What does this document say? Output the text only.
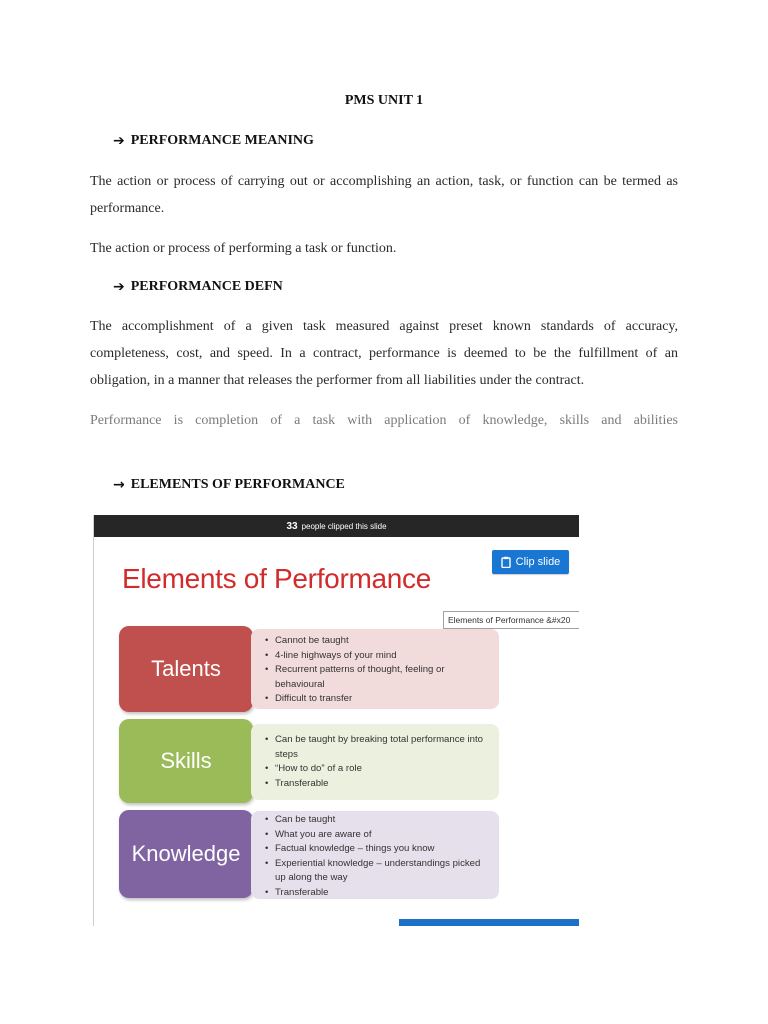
PMS UNIT 1
➔ PERFORMANCE MEANING

The action or process of carrying out or accomplishing an action, task, or function can be termed as performance.

The action or process of performing a task or function.

➔ PERFORMANCE DEFN

The accomplishment of a given task measured against preset known standards of accuracy, completeness, cost, and speed. In a contract, performance is deemed to be the fulfillment of an obligation, in a manner that releases the performer from all liabilities under the contract.

Performance is completion of a task with application of knowledge, skills and abilities

→ ELEMENTS OF PERFORMANCE
33 people clipped this slide
Clip slide
Elements of Performance
Elements of Performance &#x20
Talents
• Cannot be taught
• 4-line highways of your mind
• Recurrent patterns of thought, feeling or behavioural
• Difficult to transfer
Skills
• Can be taught by breaking total performance into steps
• “How to do” of a role
• Transferable
Knowledge
• Can be taught
• What you are aware of
• Factual knowledge – things you know
• Experiential knowledge – understandings picked up along the way
• Transferable
